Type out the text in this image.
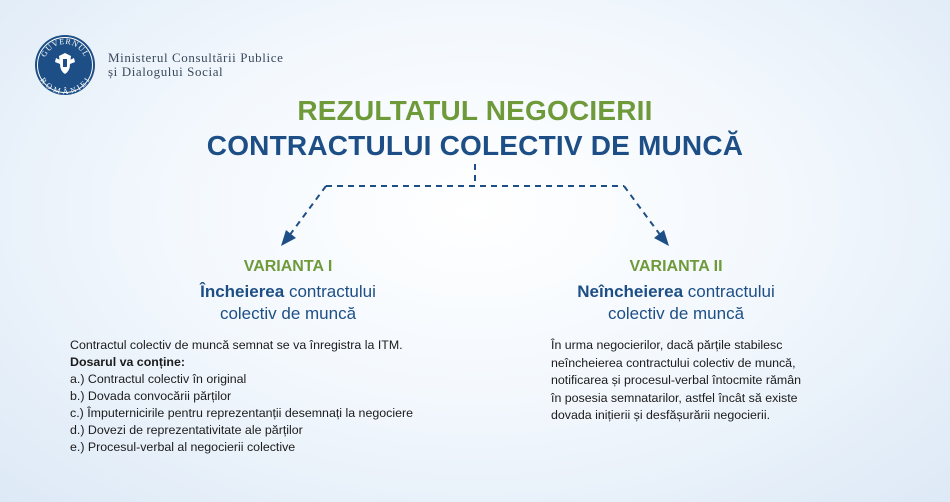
GUVERNUL
ROMÂNIEI
Ministerul Consultării Publice
și Dialogului Social
REZULTATUL NEGOCIERII
CONTRACTULUI COLECTIV DE MUNCĂ
VARIANTA I
Încheierea contractului
colectiv de muncă
Contractul colectiv de muncă semnat se va înregistra la ITM.
Dosarul va conține:
a.) Contractul colectiv în original
b.) Dovada convocării părților
c.) Împuternicirile pentru reprezentanții desemnați la negociere
d.) Dovezi de reprezentativitate ale părților
e.) Procesul-verbal al negocierii colective
VARIANTA II
Neîncheierea contractului
colectiv de muncă
În urma negocierilor, dacă părțile stabilesc
neîncheierea contractului colectiv de muncă,
notificarea și procesul-verbal întocmite rămân
în posesia semnatarilor, astfel încât să existe
dovada inițierii și desfășurării negocierii.
